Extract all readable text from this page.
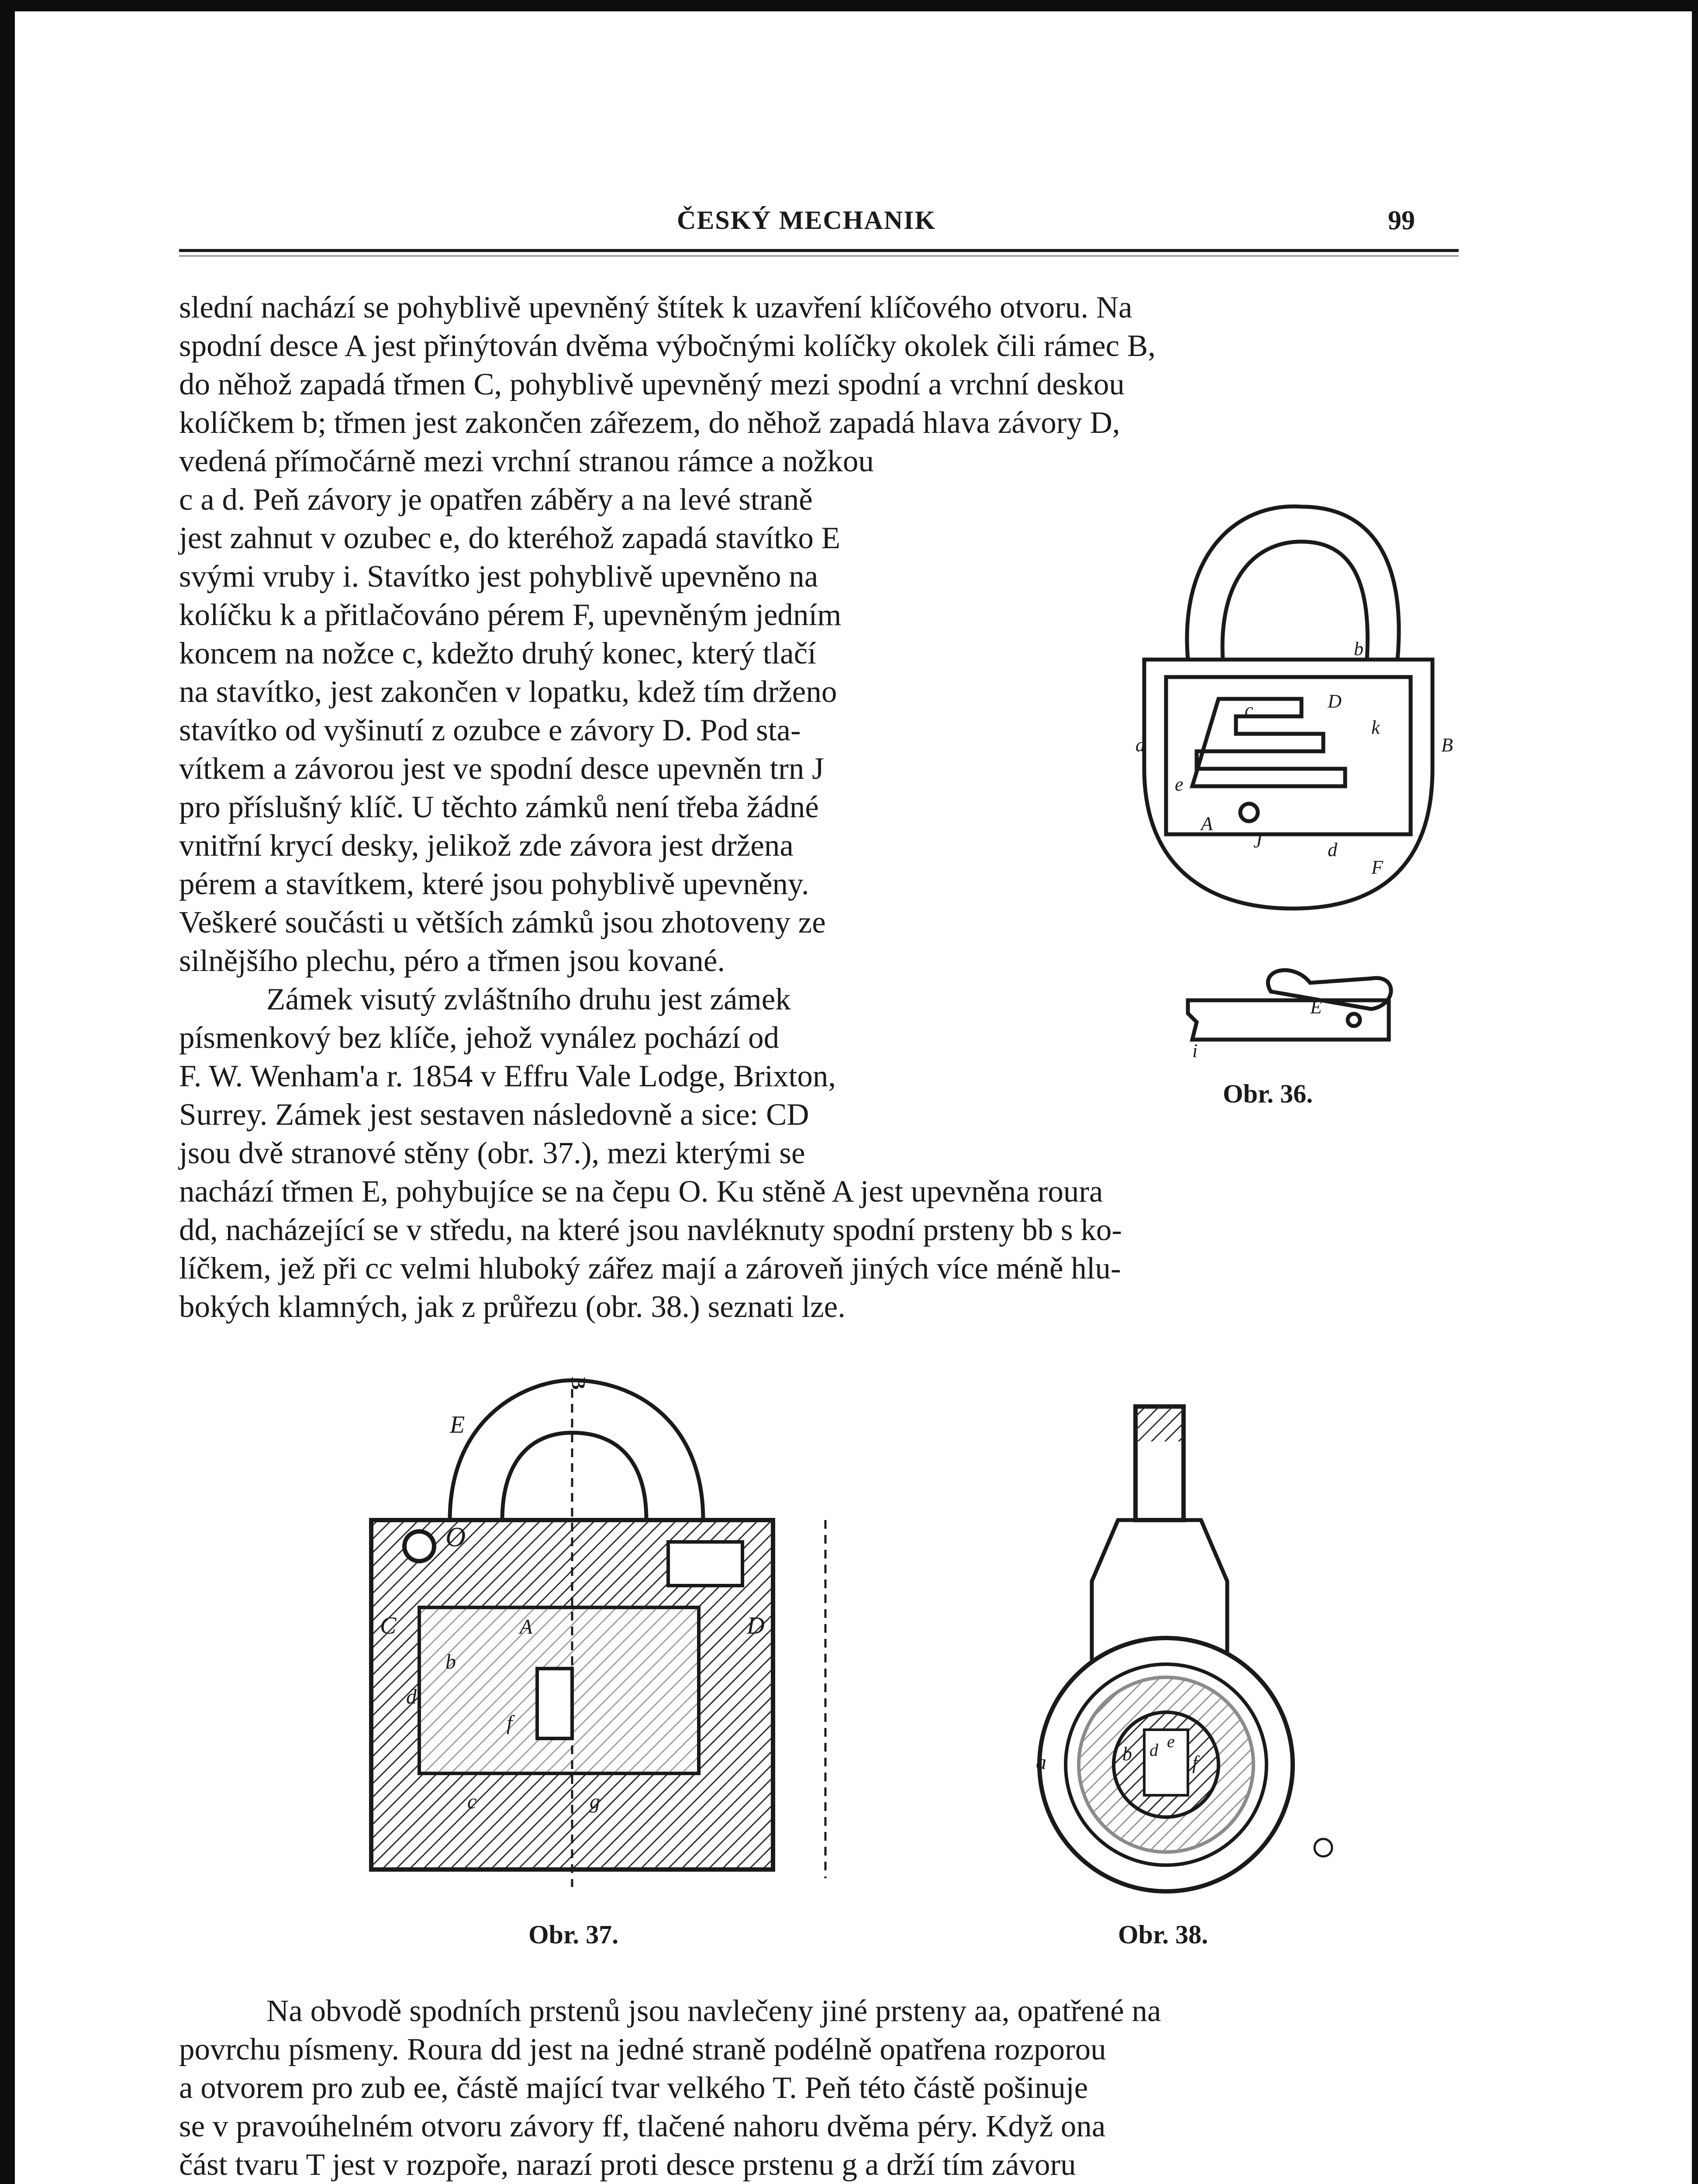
ČESKÝ MECHANIK	99
slední nachází se pohyblivě upevněný štítek k uzavření klíčového otvoru. Na
spodní desce A jest přinýtován dvěma výbočnými kolíčky okolek čili rámec B,
do něhož zapadá třmen C, pohyblivě upevněný mezi spodní a vrchní deskou
kolíčkem b; třmen jest zakončen zářezem, do něhož zapadá hlava závory D,
vedená přímočárně mezi vrchní stranou rámce a nožkou
c a d. Peň závory je opatřen záběry a na levé straně
jest zahnut v ozubec e, do kteréhož zapadá stavítko E
svými vruby i. Stavítko jest pohyblivě upevněno na
kolíčku k a přitlačováno pérem F, upevněným jedním
koncem na nožce c, kdežto druhý konec, který tlačí
na stavítko, jest zakončen v lopatku, kdež tím drženo
stavítko od vyšinutí z ozubce e závory D. Pod sta-
vítkem a závorou jest ve spodní desce upevněn trn J
pro příslušný klíč. U těchto zámků není třeba žádné
vnitřní krycí desky, jelikož zde závora jest držena
pérem a stavítkem, které jsou pohyblivě upevněny.
Veškeré součásti u větších zámků jsou zhotoveny ze
silnějšího plechu, péro a třmen jsou kované.
Zámek visutý zvláštního druhu jest zámek
písmenkový bez klíče, jehož vynález pochází od
F. W. Wenham'a r. 1854 v Effru Vale Lodge, Brixton,
Surrey. Zámek jest sestaven následovně a sice: CD
jsou dvě stranové stěny (obr. 37.), mezi kterými se
nachází třmen E, pohybujíce se na čepu O. Ku stěně A jest upevněna roura
dd, nacházející se v středu, na které jsou navléknuty spodní prsteny bb s ko-
líčkem, jež při cc velmi hluboký zářez mají a zároveň jiných více méně hlu-
bokých klamných, jak z průřezu (obr. 38.) seznati lze.
a
b
c	D
k
B
e
A
J	d
F
E
i
Obr. 36.
E
O
C	D
A
b
d
f
c	g
B
Obr. 37.
a	b d e
f
Obr. 38.
Na obvodě spodních prstenů jsou navlečeny jiné prsteny aa, opatřené na
povrchu písmeny. Roura dd jest na jedné straně podélně opatřena rozporou
a otvorem pro zub ee, částě mající tvar velkého T. Peň této částě pošinuje
se v pravoúhelném otvoru závory ff, tlačené nahoru dvěma péry. Když ona
část tvaru T jest v rozpoře, narazí proti desce prstenu g a drží tím závoru
